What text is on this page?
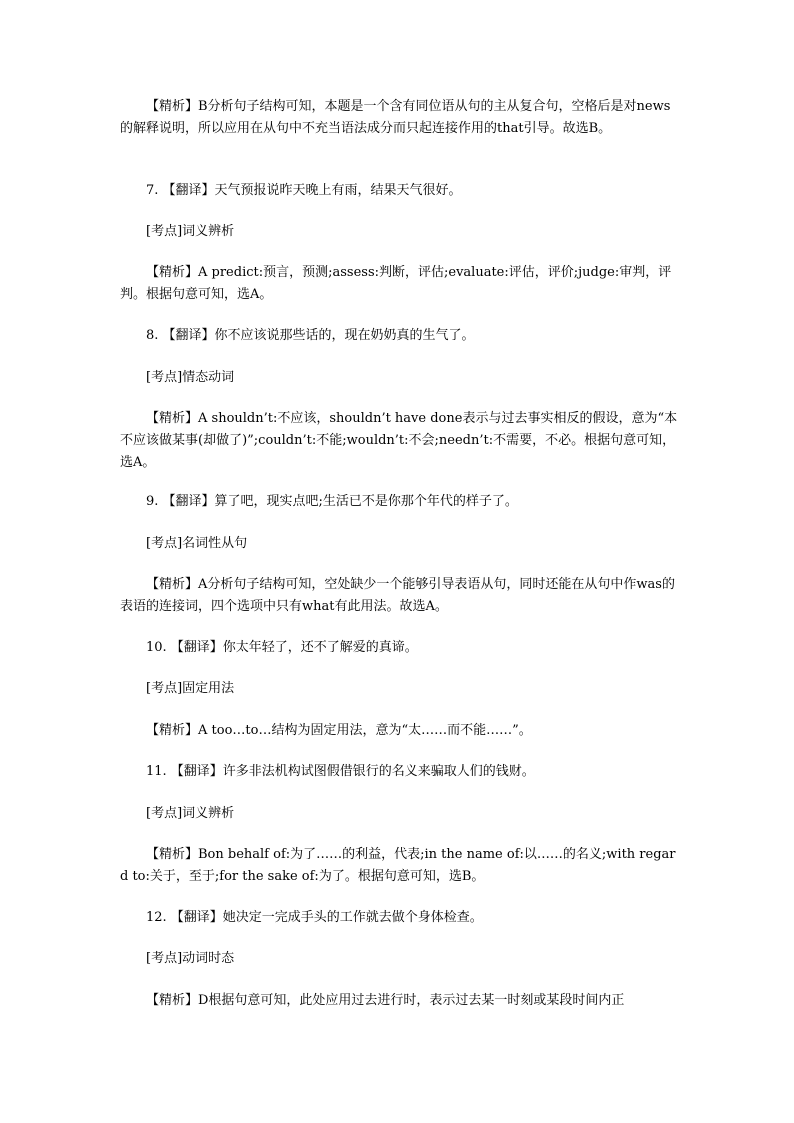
【精析】B分析句子结构可知，本题是一个含有同位语从句的主从复合句，空格后是对news的解释说明，所以应用在从句中不充当语法成分而只起连接作用的that引导。故选B。
7. 【翻译】天气预报说昨天晚上有雨，结果天气很好。
[考点]词义辨析
【精析】A predict:预言，预测;assess:判断，评估;evaluate:评估，评价;judge:审判，评判。根据句意可知，选A。
8. 【翻译】你不应该说那些话的，现在奶奶真的生气了。
[考点]情态动词
【精析】A shouldn’t:不应该，shouldn’t have done表示与过去事实相反的假设，意为“本不应该做某事(却做了)”;couldn’t:不能;wouldn’t:不会;needn’t:不需要，不必。根据句意可知，选A。
9. 【翻译】算了吧，现实点吧;生活已不是你那个年代的样子了。
[考点]名词性从句
【精析】A分析句子结构可知，空处缺少一个能够引导表语从句，同时还能在从句中作was的表语的连接词，四个选项中只有what有此用法。故选A。
10. 【翻译】你太年轻了，还不了解爱的真谛。
[考点]固定用法
【精析】A too…to…结构为固定用法，意为“太……而不能……”。
11. 【翻译】许多非法机构试图假借银行的名义来骗取人们的钱财。
[考点]词义辨析
【精析】Bon behalf of:为了……的利益，代表;in the name of:以……的名义;with regard to:关于，至于;for the sake of:为了。根据句意可知，选B。
12. 【翻译】她决定一完成手头的工作就去做个身体检查。
[考点]动词时态
【精析】D根据句意可知，此处应用过去进行时，表示过去某一时刻或某段时间内正
